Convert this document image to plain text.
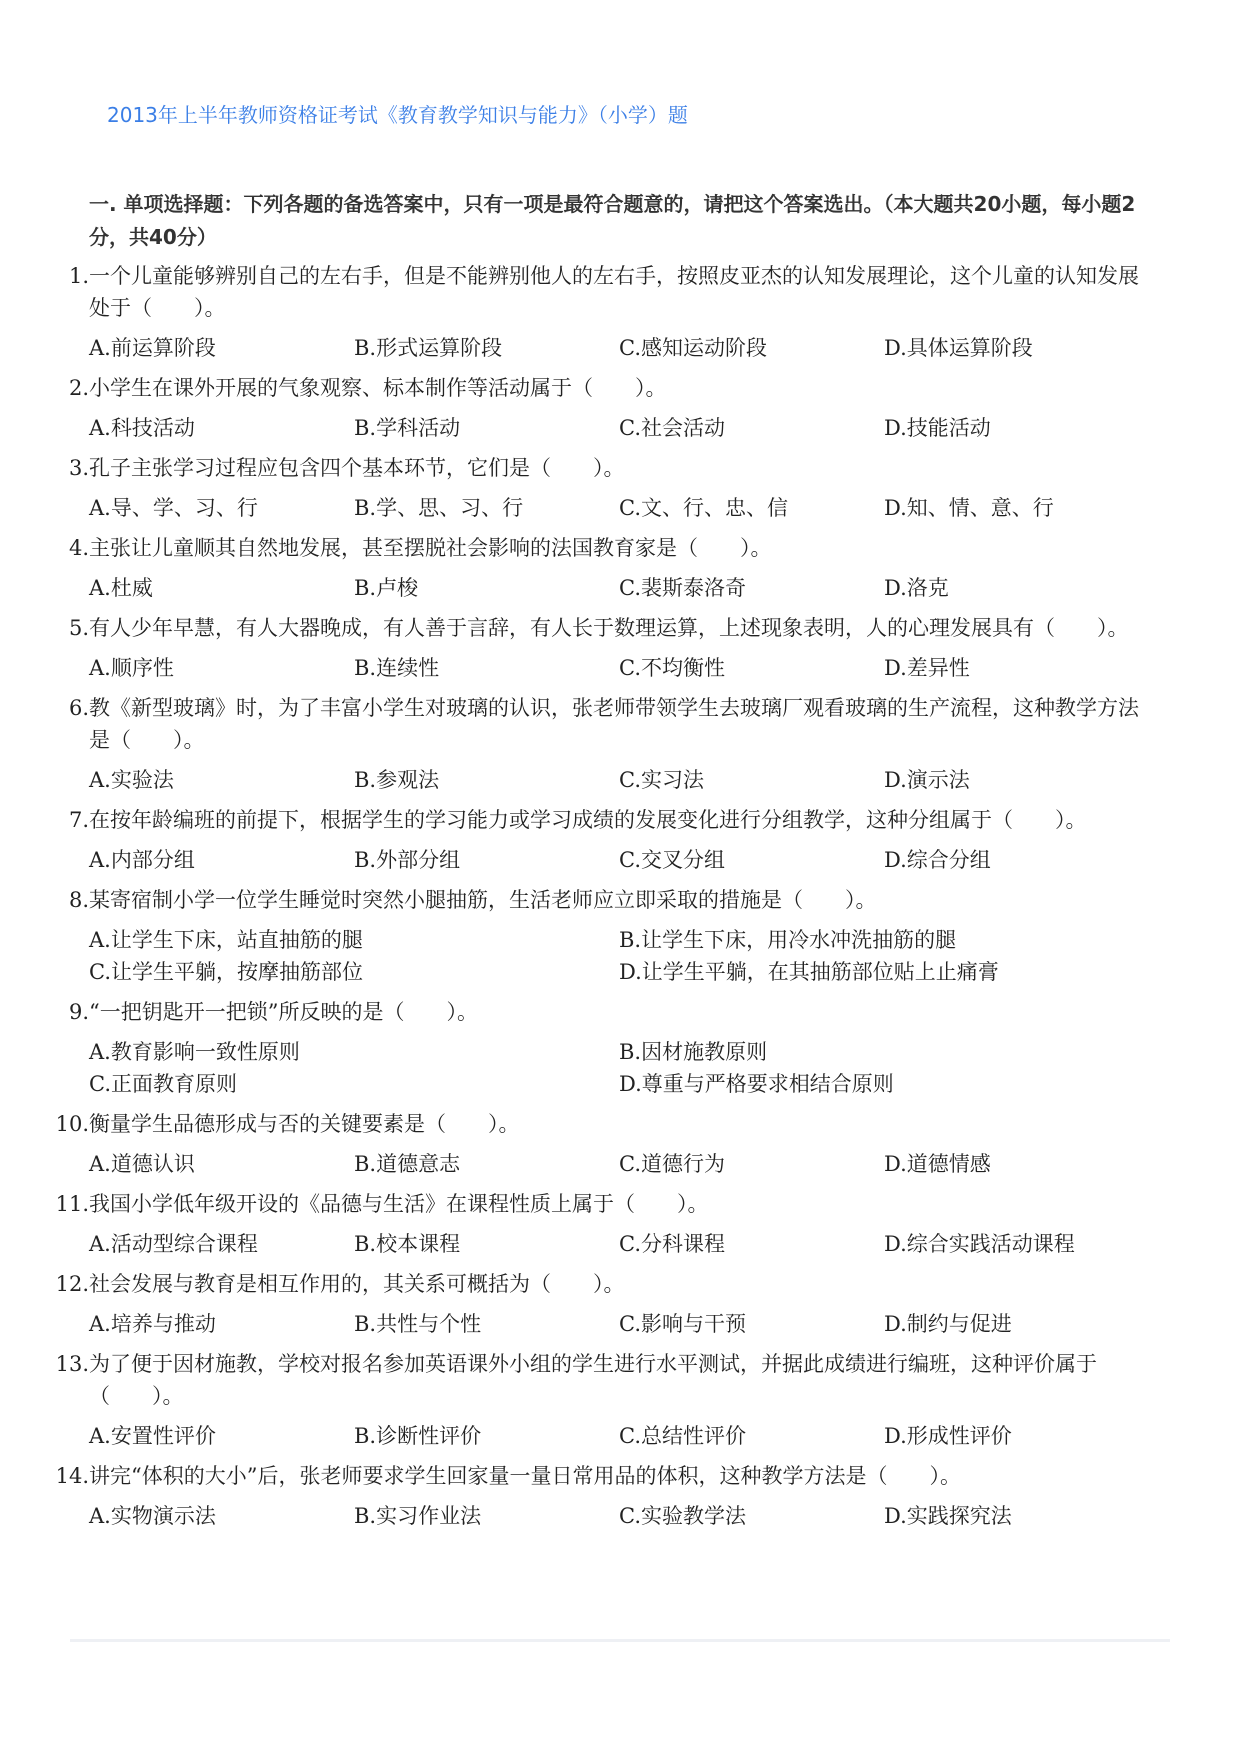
2013年上半年教师资格证考试《教育教学知识与能力》（小学）题
一. 单项选择题：下列各题的备选答案中，只有一项是最符合题意的，请把这个答案选出。（本大题共20小题，每小题2分，共40分）
1. 一个儿童能够辨别自己的左右手，但是不能辨别他人的左右手，按照皮亚杰的认知发展理论，这个儿童的认知发展处于（　　）。
A.前运算阶段	B.形式运算阶段	C.感知运动阶段	D.具体运算阶段
2. 小学生在课外开展的气象观察、标本制作等活动属于（　　）。
A.科技活动	B.学科活动	C.社会活动	D.技能活动
3. 孔子主张学习过程应包含四个基本环节，它们是（　　）。
A.导、学、习、行	B.学、思、习、行	C.文、行、忠、信	D.知、情、意、行
4. 主张让儿童顺其自然地发展，甚至摆脱社会影响的法国教育家是（　　）。
A.杜威	B.卢梭	C.裴斯泰洛奇	D.洛克
5. 有人少年早慧，有人大器晚成，有人善于言辞，有人长于数理运算，上述现象表明，人的心理发展具有（　　）。
A.顺序性	B.连续性	C.不均衡性	D.差异性
6. 教《新型玻璃》时，为了丰富小学生对玻璃的认识，张老师带领学生去玻璃厂观看玻璃的生产流程，这种教学方法是（　　）。
A.实验法	B.参观法	C.实习法	D.演示法
7. 在按年龄编班的前提下，根据学生的学习能力或学习成绩的发展变化进行分组教学，这种分组属于（　　）。
A.内部分组	B.外部分组	C.交叉分组	D.综合分组
8. 某寄宿制小学一位学生睡觉时突然小腿抽筋，生活老师应立即采取的措施是（　　）。
A.让学生下床，站直抽筋的腿	B.让学生下床，用冷水冲洗抽筋的腿
C.让学生平躺，按摩抽筋部位	D.让学生平躺，在其抽筋部位贴上止痛膏
9. “一把钥匙开一把锁”所反映的是（　　）。
A.教育影响一致性原则	B.因材施教原则
C.正面教育原则	D.尊重与严格要求相结合原则
10. 衡量学生品德形成与否的关键要素是（　　）。
A.道德认识	B.道德意志	C.道德行为	D.道德情感
11. 我国小学低年级开设的《品德与生活》在课程性质上属于（　　）。
A.活动型综合课程	B.校本课程	C.分科课程	D.综合实践活动课程
12. 社会发展与教育是相互作用的，其关系可概括为（　　）。
A.培养与推动	B.共性与个性	C.影响与干预	D.制约与促进
13. 为了便于因材施教，学校对报名参加英语课外小组的学生进行水平测试，并据此成绩进行编班，这种评价属于（　　）。
A.安置性评价	B.诊断性评价	C.总结性评价	D.形成性评价
14. 讲完“体积的大小”后，张老师要求学生回家量一量日常用品的体积，这种教学方法是（　　）。
A.实物演示法	B.实习作业法	C.实验教学法	D.实践探究法
